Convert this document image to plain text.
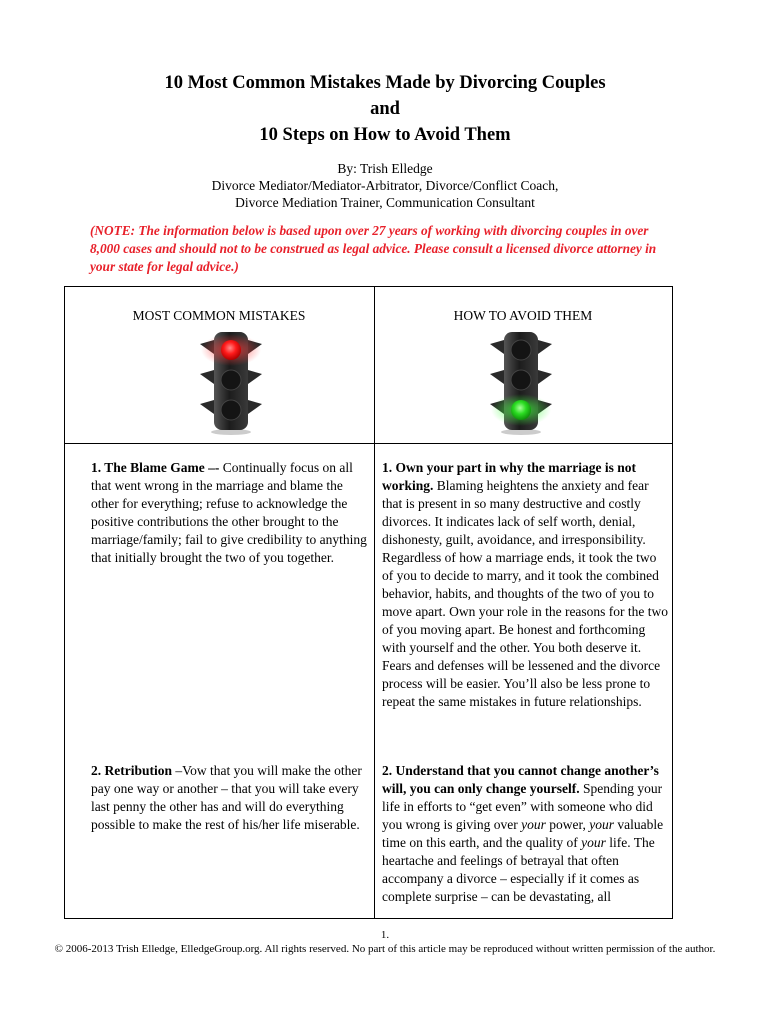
10 Most Common Mistakes Made by Divorcing Couples
and
10 Steps on How to Avoid Them
By: Trish Elledge
Divorce Mediator/Mediator-Arbitrator, Divorce/Conflict Coach,
Divorce Mediation Trainer, Communication Consultant
(NOTE: The information below is based upon over 27 years of working with divorcing couples in over 8,000 cases and should not to be construed as legal advice. Please consult a licensed divorce attorney in your state for legal advice.)
MOST COMMON MISTAKES	HOW TO AVOID THEM
1. The Blame Game –- Continually focus on all that went wrong in the marriage and blame the other for everything; refuse to acknowledge the positive contributions the other brought to the marriage/family; fail to give credibility to anything that initially brought the two of you together.
1. Own your part in why the marriage is not working. Blaming heightens the anxiety and fear that is present in so many destructive and costly divorces. It indicates lack of self worth, denial, dishonesty, guilt, avoidance, and irresponsibility. Regardless of how a marriage ends, it took the two of you to decide to marry, and it took the combined behavior, habits, and thoughts of the two of you to move apart. Own your role in the reasons for the two of you moving apart. Be honest and forthcoming with yourself and the other. You both deserve it. Fears and defenses will be lessened and the divorce process will be easier. You’ll also be less prone to repeat the same mistakes in future relationships.
2. Retribution –Vow that you will make the other pay one way or another – that you will take every last penny the other has and will do everything possible to make the rest of his/her life miserable.
2. Understand that you cannot change another’s will, you can only change yourself. Spending your life in efforts to “get even” with someone who did you wrong is giving over your power, your valuable time on this earth, and the quality of your life. The heartache and feelings of betrayal that often accompany a divorce – especially if it comes as complete surprise – can be devastating, all
1.
© 2006-2013 Trish Elledge, ElledgeGroup.org. All rights reserved. No part of this article may be reproduced without written permission of the author.
